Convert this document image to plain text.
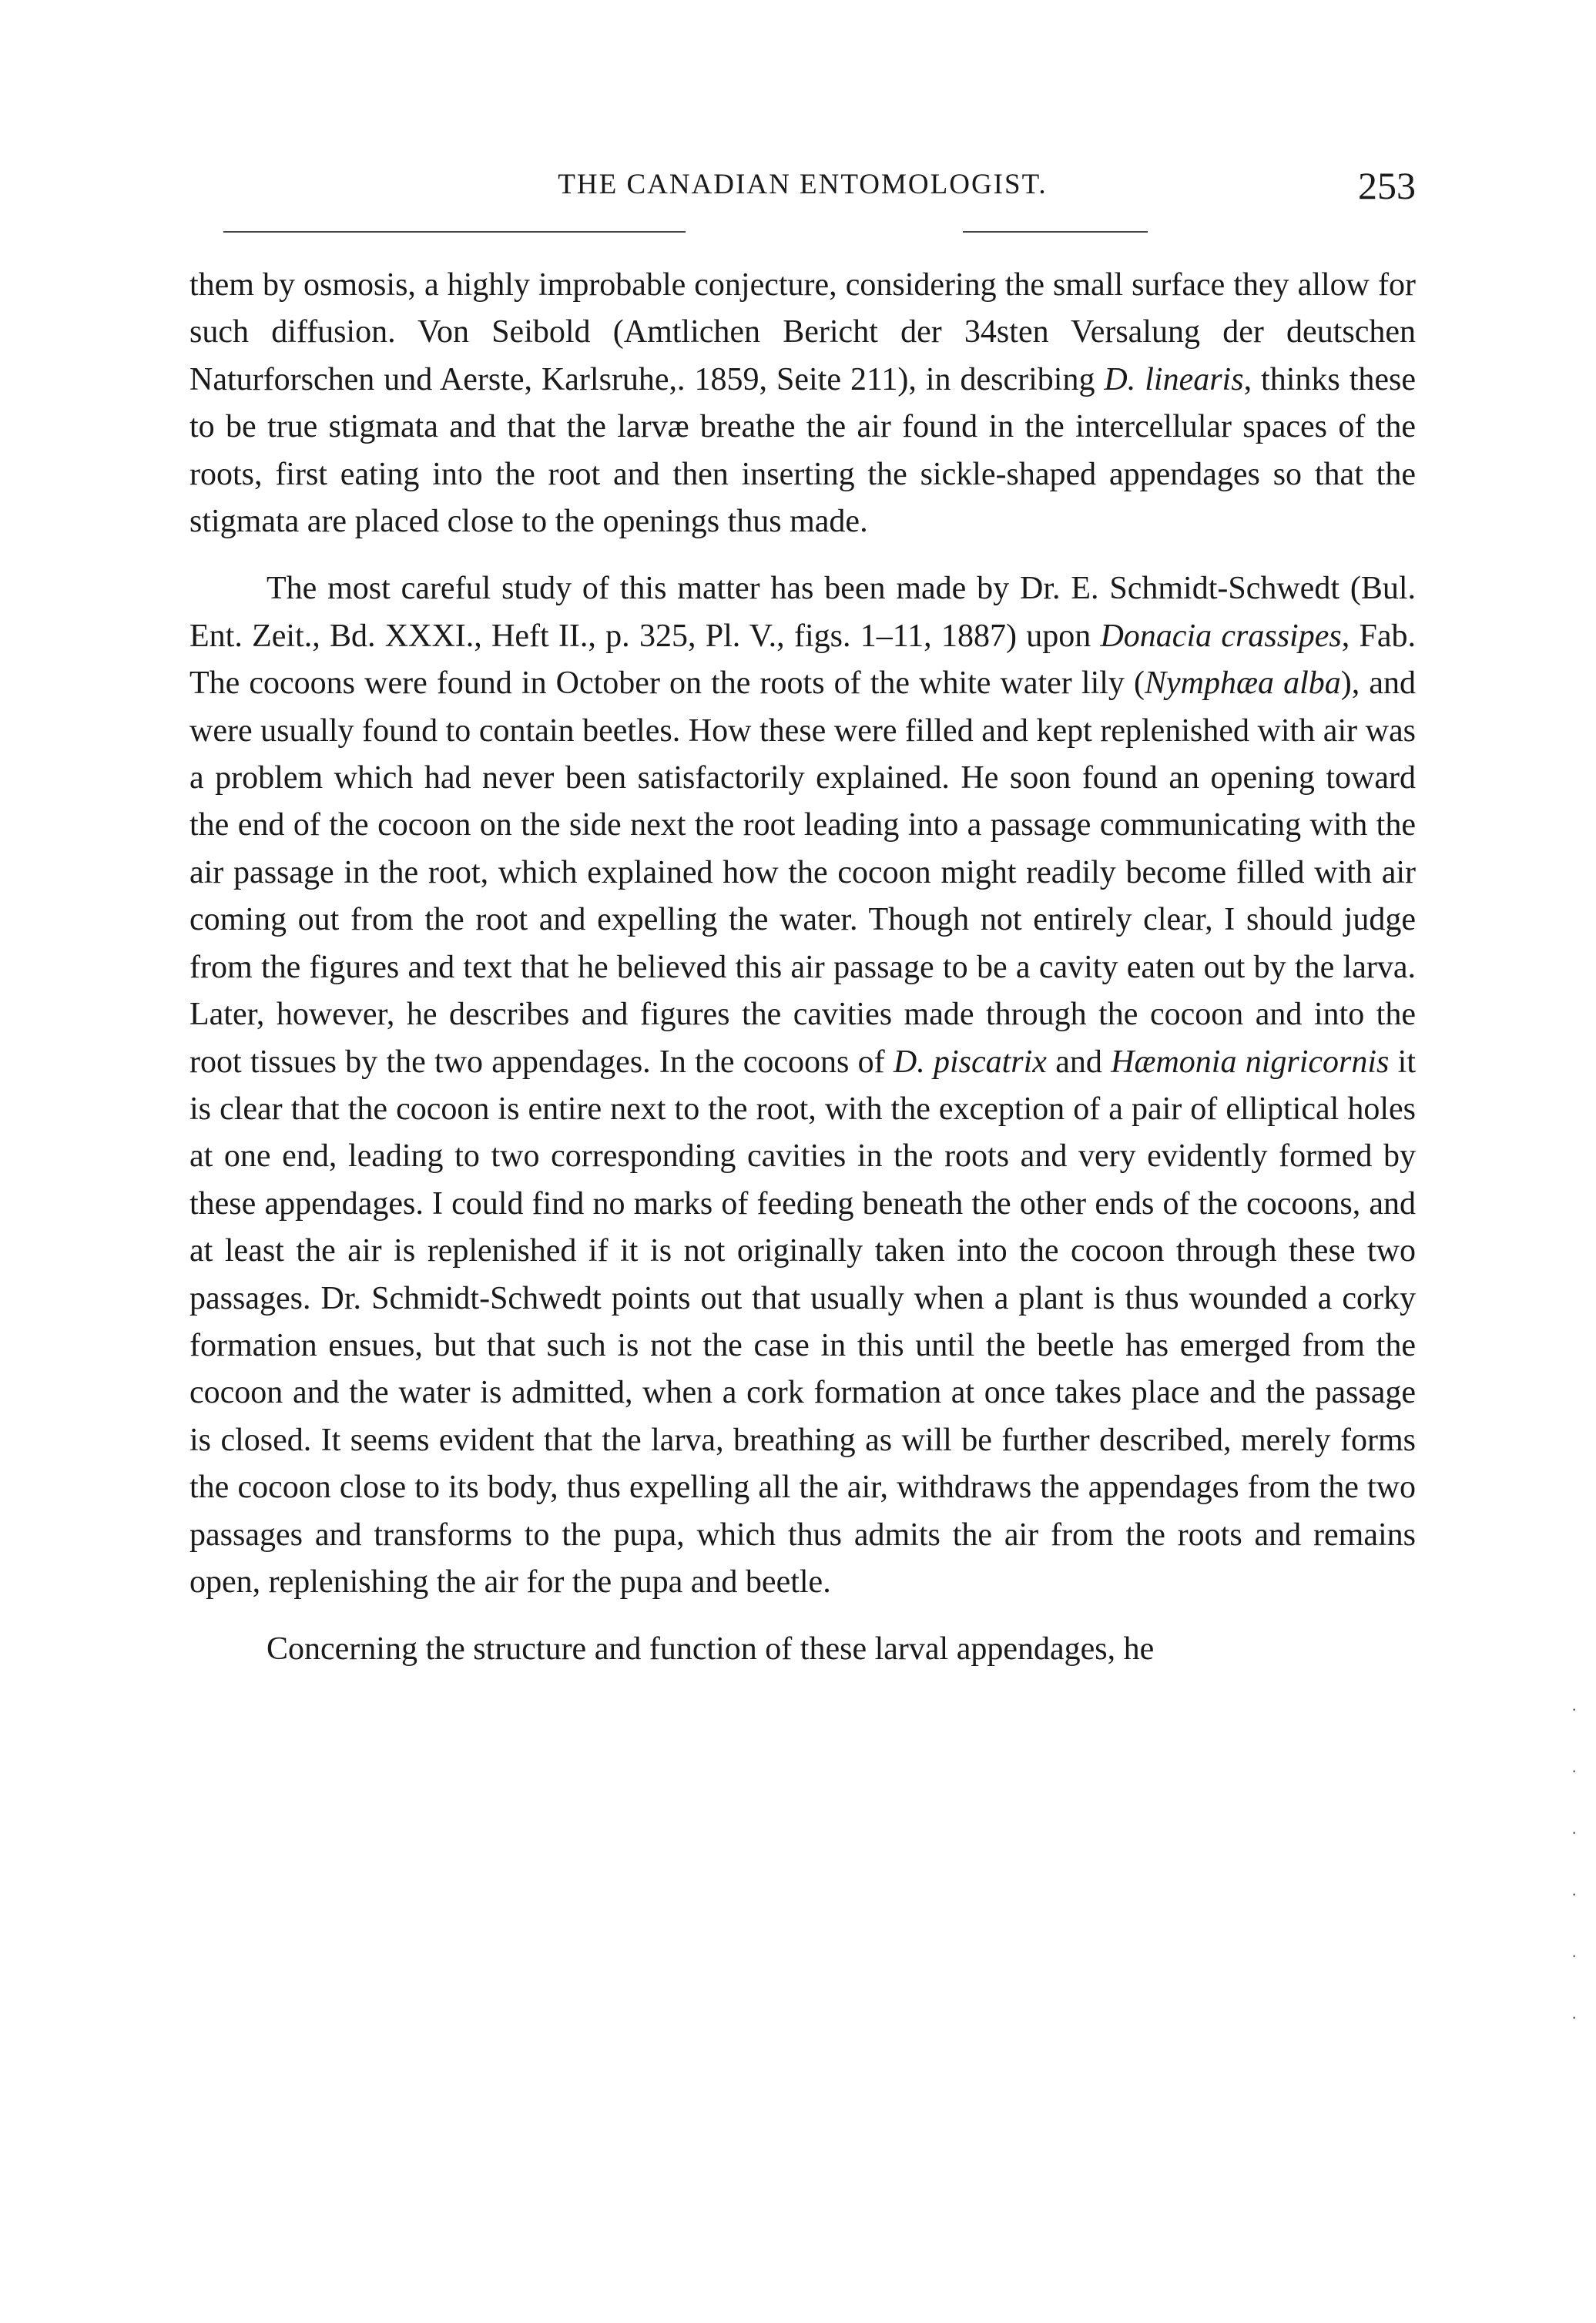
THE CANADIAN ENTOMOLOGIST.	253

them by osmosis, a highly improbable conjecture, considering the small surface they allow for such diffusion. Von Seibold (Amtlichen Bericht der 34sten Versalung der deutschen Naturforschen und Aerste, Karlsruhe,. 1859, Seite 211), in describing D. linearis, thinks these to be true stigmata and that the larvæ breathe the air found in the intercellular spaces of the roots, first eating into the root and then inserting the sickle-shaped appendages so that the stigmata are placed close to the openings thus made.

The most careful study of this matter has been made by Dr. E. Schmidt-Schwedt (Bul. Ent. Zeit., Bd. XXXI., Heft II., p. 325, Pl. V., figs. 1–11, 1887) upon Donacia crassipes, Fab. The cocoons were found in October on the roots of the white water lily (Nymphæa alba), and were usually found to contain beetles. How these were filled and kept replenished with air was a problem which had never been satisfactorily explained. He soon found an opening toward the end of the cocoon on the side next the root leading into a passage communicating with the air passage in the root, which explained how the cocoon might readily become filled with air coming out from the root and expelling the water. Though not entirely clear, I should judge from the figures and text that he believed this air passage to be a cavity eaten out by the larva. Later, however, he describes and figures the cavities made through the cocoon and into the root tissues by the two appendages. In the cocoons of D. piscatrix and Hæmonia nigricornis it is clear that the cocoon is entire next to the root, with the exception of a pair of elliptical holes at one end, leading to two corresponding cavities in the roots and very evidently formed by these appendages. I could find no marks of feeding beneath the other ends of the cocoons, and at least the air is replenished if it is not originally taken into the cocoon through these two passages. Dr. Schmidt-Schwedt points out that usually when a plant is thus wounded a corky formation ensues, but that such is not the case in this until the beetle has emerged from the cocoon and the water is admitted, when a cork formation at once takes place and the passage is closed. It seems evident that the larva, breathing as will be further described, merely forms the cocoon close to its body, thus expelling all the air, withdraws the appendages from the two passages and transforms to the pupa, which thus admits the air from the roots and remains open, replenishing the air for the pupa and beetle.

Concerning the structure and function of these larval appendages, he

·
·
·
·
·
·
